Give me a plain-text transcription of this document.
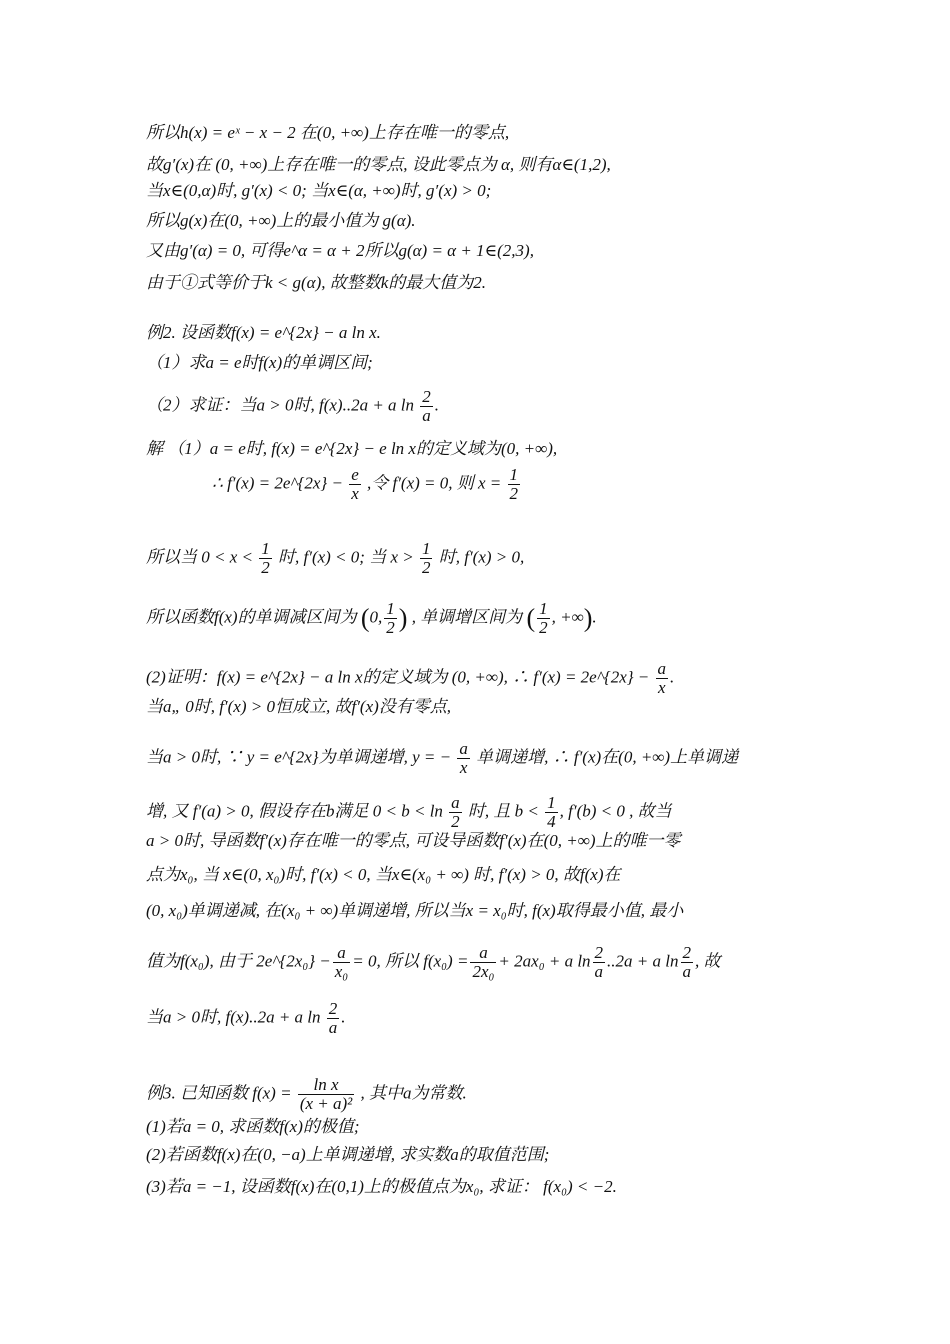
所以h(x) = eˣ − x − 2 在(0, +∞)上存在唯一的零点,
故g′(x)在 (0, +∞)上存在唯一的零点, 设此零点为 α, 则有α∈(1,2),
当x∈(0,α)时, g′(x) < 0; 当x∈(α, +∞)时, g′(x) > 0;
所以g(x)在(0, +∞)上的最小值为 g(α).
又由g′(α) = 0, 可得e^α = α + 2所以g(α) = α + 1∈(2,3),
由于①式等价于k < g(α), 故整数k的最大值为2.
例2. 设函数f(x) = e^{2x} − a ln x.
（1）求a = e时f(x)的单调区间;
（2）求证：当a > 0时, f(x)..2a + a $\ln \frac{2}{a}$ .
解 （1）a = e时, f(x) = e^{2x} − e ln x的定义域为(0, +∞),
∴ f′(x) = 2e^{2x} − $\frac{e}{x}$ ,令 f′(x) = 0, 则 $x = \frac{1}{2}$
所以当 $0 < x < \frac{1}{2}$ 时, f′(x) < 0; 当 $x > \frac{1}{2}$ 时, f′(x) > 0,
所以函数f(x)的单调减区间为 (0, $\frac{1}{2}$ ) , 单调增区间为 ( $\frac{1}{2}$ , +∞).
(2)证明：f(x) = e^{2x} − a ln x的定义域为 (0, +∞), ∴ f′(x) = 2e^{2x} − $\frac{a}{x}$ .
当a„ 0时, f′(x) > 0恒成立, 故f′(x)没有零点,
当a > 0时, ∵ y = e^{2x}为单调递增, y = − $\frac{a}{x}$ 单调递增, ∴ f′(x)在(0, +∞)上单调递
增, 又 f′(a) > 0, 假设存在b满足 $0 < b < \ln \frac{a}{2}$ 时, 且 $b < \frac{1}{4}$ , f′(b) < 0 , 故当
a > 0时, 导函数f′(x)存在唯一的零点, 可设导函数f′(x)在(0, +∞)上的唯一零
点为x₀, 当 x∈(0, x₀)时, f′(x) < 0, 当x∈(x₀ + ∞) 时, f′(x) > 0, 故f(x)在
(0, x₀)单调递减, 在(x₀ + ∞)单调递增, 所以当x = x₀时, f(x)取得最小值, 最小
值为f(x₀), 由于 2e^{2x₀} − $\frac{a}{\text{x₀}} = 0$, 所以 $f(x_0) = \frac{a}{\text{2x₀}} + 2ax_0 + a$ $\ln \frac{2}{a} ..2a + a$ $\ln \frac{2}{a}$ , 故
当a > 0时, f(x)..2a + a $\ln \frac{2}{a}$ .
例3. 已知函数 $f(x) = \frac{\text{ln x}}{\text{(x + a)²}}$ , 其中a为常数.
(1)若a = 0, 求函数f(x)的极值;
(2)若函数f(x)在(0, −a)上单调递增, 求实数a的取值范围;
(3)若a = −1, 设函数f(x)在(0,1)上的极值点为x₀, 求证： f(x₀) < −2.
